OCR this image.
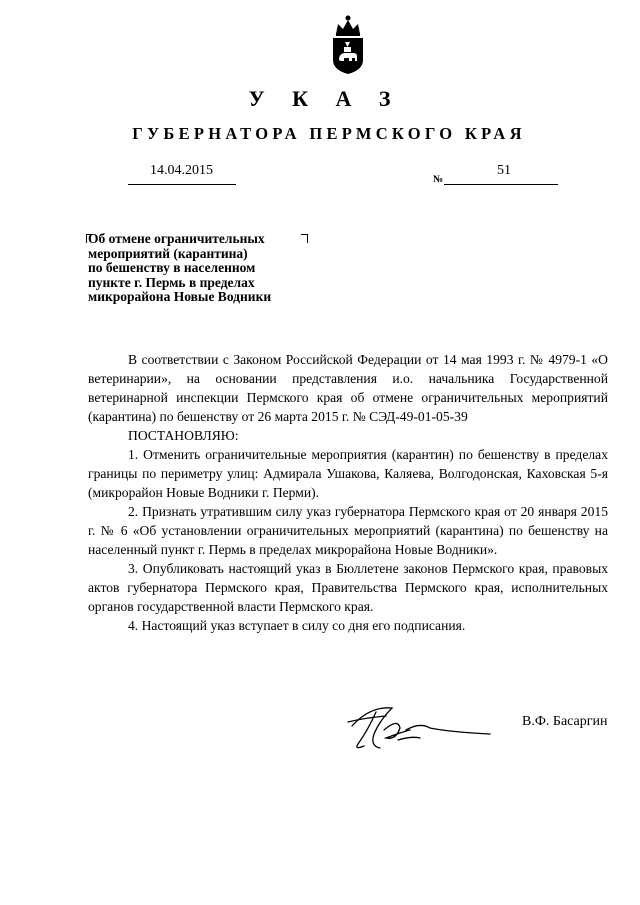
У К А З
ГУБЕРНАТОРА ПЕРМСКОГО КРАЯ
14.04.2015
№
51
Об отмене ограничительных
мероприятий (карантина)
по бешенству в населенном
пункте г. Пермь в пределах
микрорайона Новые Водники

В соответствии с Законом Российской Федерации от 14 мая 1993 г. № 4979-1 «О ветеринарии», на основании представления и.о. начальника Государственной ветеринарной инспекции Пермского края об отмене ограничительных мероприятий (карантина) по бешенству от 26 марта 2015 г. № СЭД-49-01-05-39

ПОСТАНОВЛЯЮ:

1. Отменить ограничительные мероприятия (карантин) по бешенству в пределах границы по периметру улиц: Адмирала Ушакова, Каляева, Волгодонская, Каховская 5-я (микрорайон Новые Водники г. Перми).

2. Признать утратившим силу указ губернатора Пермского края от 20 января 2015 г. № 6 «Об установлении ограничительных мероприятий (карантина) по бешенству на населенный пункт г. Пермь в пределах микрорайона Новые Водники».

3. Опубликовать настоящий указ в Бюллетене законов Пермского края, правовых актов губернатора Пермского края, Правительства Пермского края, исполнительных органов государственной власти Пермского края.

4. Настоящий указ вступает в силу со дня его подписания.

В.Ф. Басаргин
